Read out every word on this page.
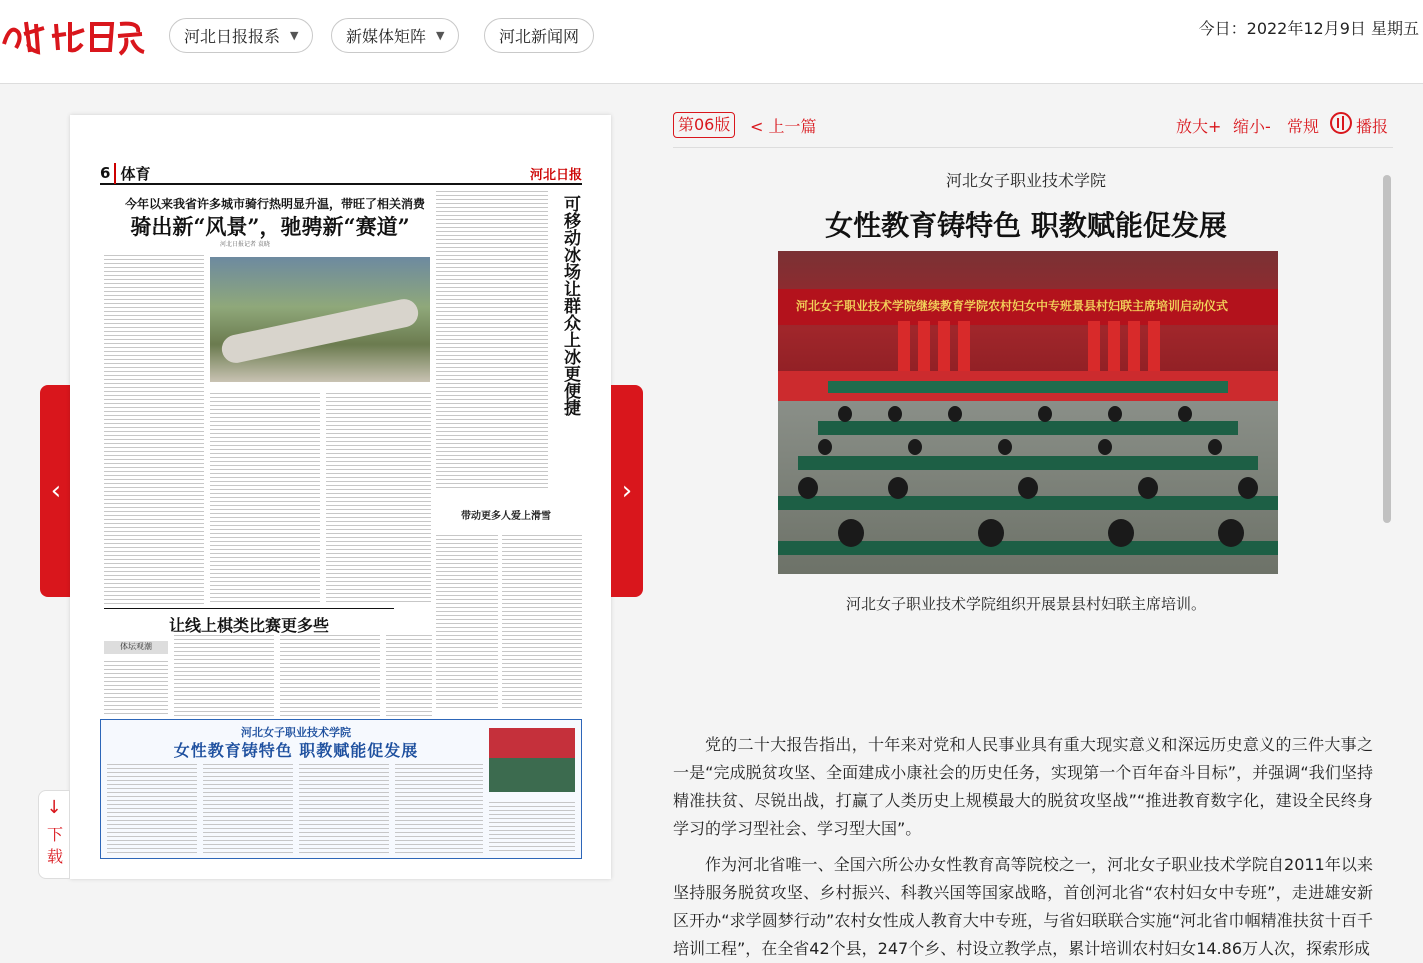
河北日报报系 ▼	新媒体矩阵 ▼	河北新闻网	今日：2022年12月9日 星期五
‹
6 体育	河北日报
今年以来我省许多城市骑行热明显升温，带旺了相关消费
骑出新“风景”，驰骋新“赛道”
河北日报记者 袁晓	可移动冰场让群众上冰更便捷
带动更多人爱上滑雪
让线上棋类比赛更多些
体坛观潮
河北女子职业技术学院
女性教育铸特色 职教赋能促发展
›
↓
下载
第06版	< 上一篇	放大+ 缩小- 常规 播报
河北女子职业技术学院
女性教育铸特色 职教赋能促发展
河北女子职业技术学院继续教育学院农村妇女中专班景县村妇联主席培训启动仪式
河北女子职业技术学院组织开展景县村妇联主席培训。
党的二十大报告指出，十年来对党和人民事业具有重大现实意义和深远历史意义的三件大事之一是“完成脱贫攻坚、全面建成小康社会的历史任务，实现第一个百年奋斗目标”，并强调“我们坚持精准扶贫、尽锐出战，打赢了人类历史上规模最大的脱贫攻坚战”“推进教育数字化，建设全民终身学习的学习型社会、学习型大国”。
作为河北省唯一、全国六所公办女性教育高等院校之一，河北女子职业技术学院自2011年以来坚持服务脱贫攻坚、乡村振兴、科教兴国等国家战略，首创河北省“农村妇女中专班”，走进雄安新区开办“求学圆梦行动”农村女性成人教育大中专班，与省妇联联合实施“河北省巾帼精准扶贫十百千培训工程”，在全省42个县，247个乡、村设立教学点，累计培训农村妇女14.86万人次，探索形成
